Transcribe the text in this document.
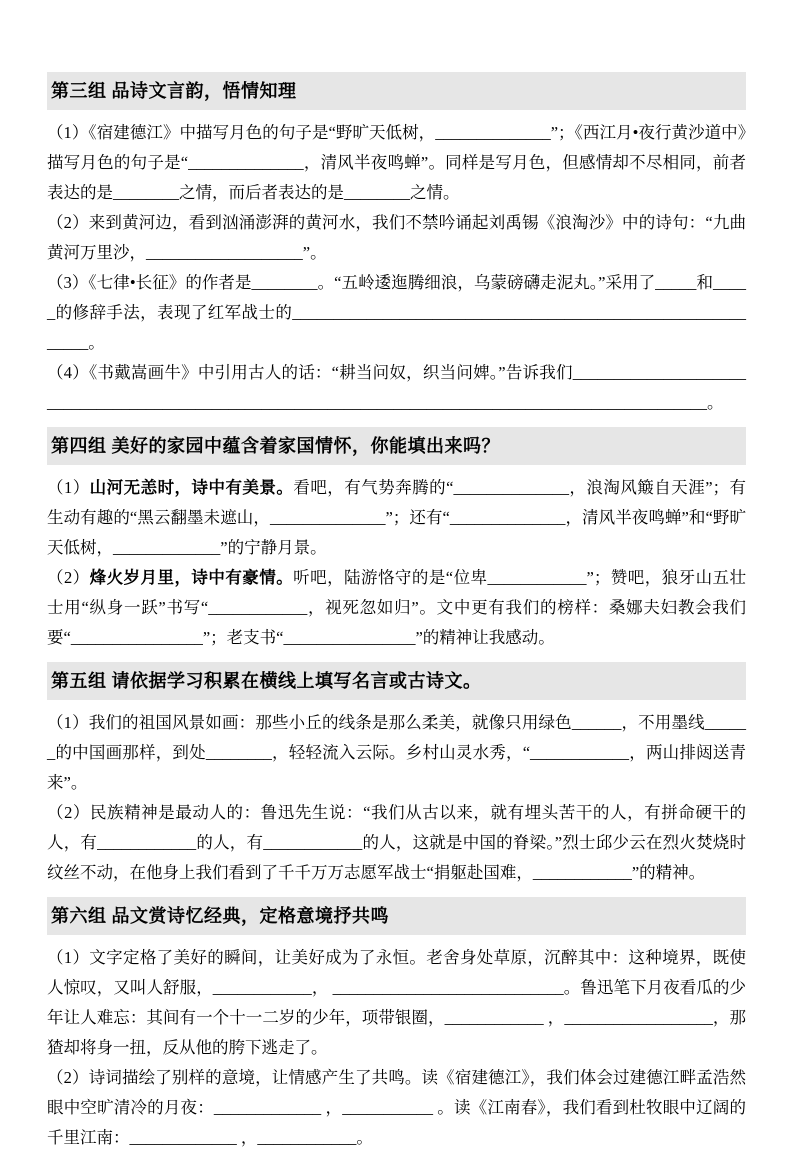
第三组 品诗文言韵，悟情知理

（1）《宿建德江》中描写月色的句子是“野旷天低树，______________”；《西江月•夜行黄沙道中》描写月色的句子是“______________，清风半夜鸣蝉”。同样是写月色，但感情却不尽相同，前者表达的是________之情，而后者表达的是________之情。

（2）来到黄河边，看到汹涌澎湃的黄河水，我们不禁吟诵起刘禹锡《浪淘沙》中的诗句：“九曲黄河万里沙，___________________”。

（3）《七律•长征》的作者是________。“五岭逶迤腾细浪，乌蒙磅礴走泥丸。”采用了_____和_____的修辞手法，表现了红军战士的____________________________________________________________。

（4）《书戴嵩画牛》中引用古人的话：“耕当问奴，织当问婢。”告诉我们_____________________________________________________________________________________________________。

第四组 美好的家园中蕴含着家国情怀，你能填出来吗？

（1）山河无恙时，诗中有美景。看吧，有气势奔腾的“______________，浪淘风簸自天涯”；有生动有趣的“黑云翻墨未遮山，______________”；还有“______________，清风半夜鸣蝉”和“野旷天低树，_____________”的宁静月景。

（2）烽火岁月里，诗中有豪情。听吧，陆游恪守的是“位卑____________”；赞吧，狼牙山五壮士用“纵身一跃”书写“____________，视死忽如归”。文中更有我们的榜样：桑娜夫妇教会我们要“________________”；老支书“________________”的精神让我感动。

第五组 请依据学习积累在横线上填写名言或古诗文。

（1）我们的祖国风景如画：那些小丘的线条是那么柔美，就像只用绿色______，不用墨线______的中国画那样，到处________，轻轻流入云际。乡村山灵水秀，“____________，两山排闼送青来”。

（2）民族精神是最动人的：鲁迅先生说：“我们从古以来，就有埋头苦干的人，有拼命硬干的人，有____________的人，有____________的人，这就是中国的脊梁。”烈士邱少云在烈火焚烧时纹丝不动，在他身上我们看到了千千万万志愿军战士“捐躯赴国难，____________”的精神。

第六组 品文赏诗忆经典，定格意境抒共鸣

（1）文字定格了美好的瞬间，让美好成为了永恒。老舍身处草原，沉醉其中：这种境界，既使人惊叹，又叫人舒服，____________， ____________________________。鲁迅笔下月夜看瓜的少年让人难忘：其间有一个十一二岁的少年，项带银圈，____________ ，__________________，那猹却将身一扭，反从他的胯下逃走了。

（2）诗词描绘了别样的意境，让情感产生了共鸣。读《宿建德江》，我们体会过建德江畔孟浩然眼中空旷清冷的月夜：_____________ ，___________ 。读《江南春》，我们看到杜牧眼中辽阔的千里江南：_____________ ，____________。
